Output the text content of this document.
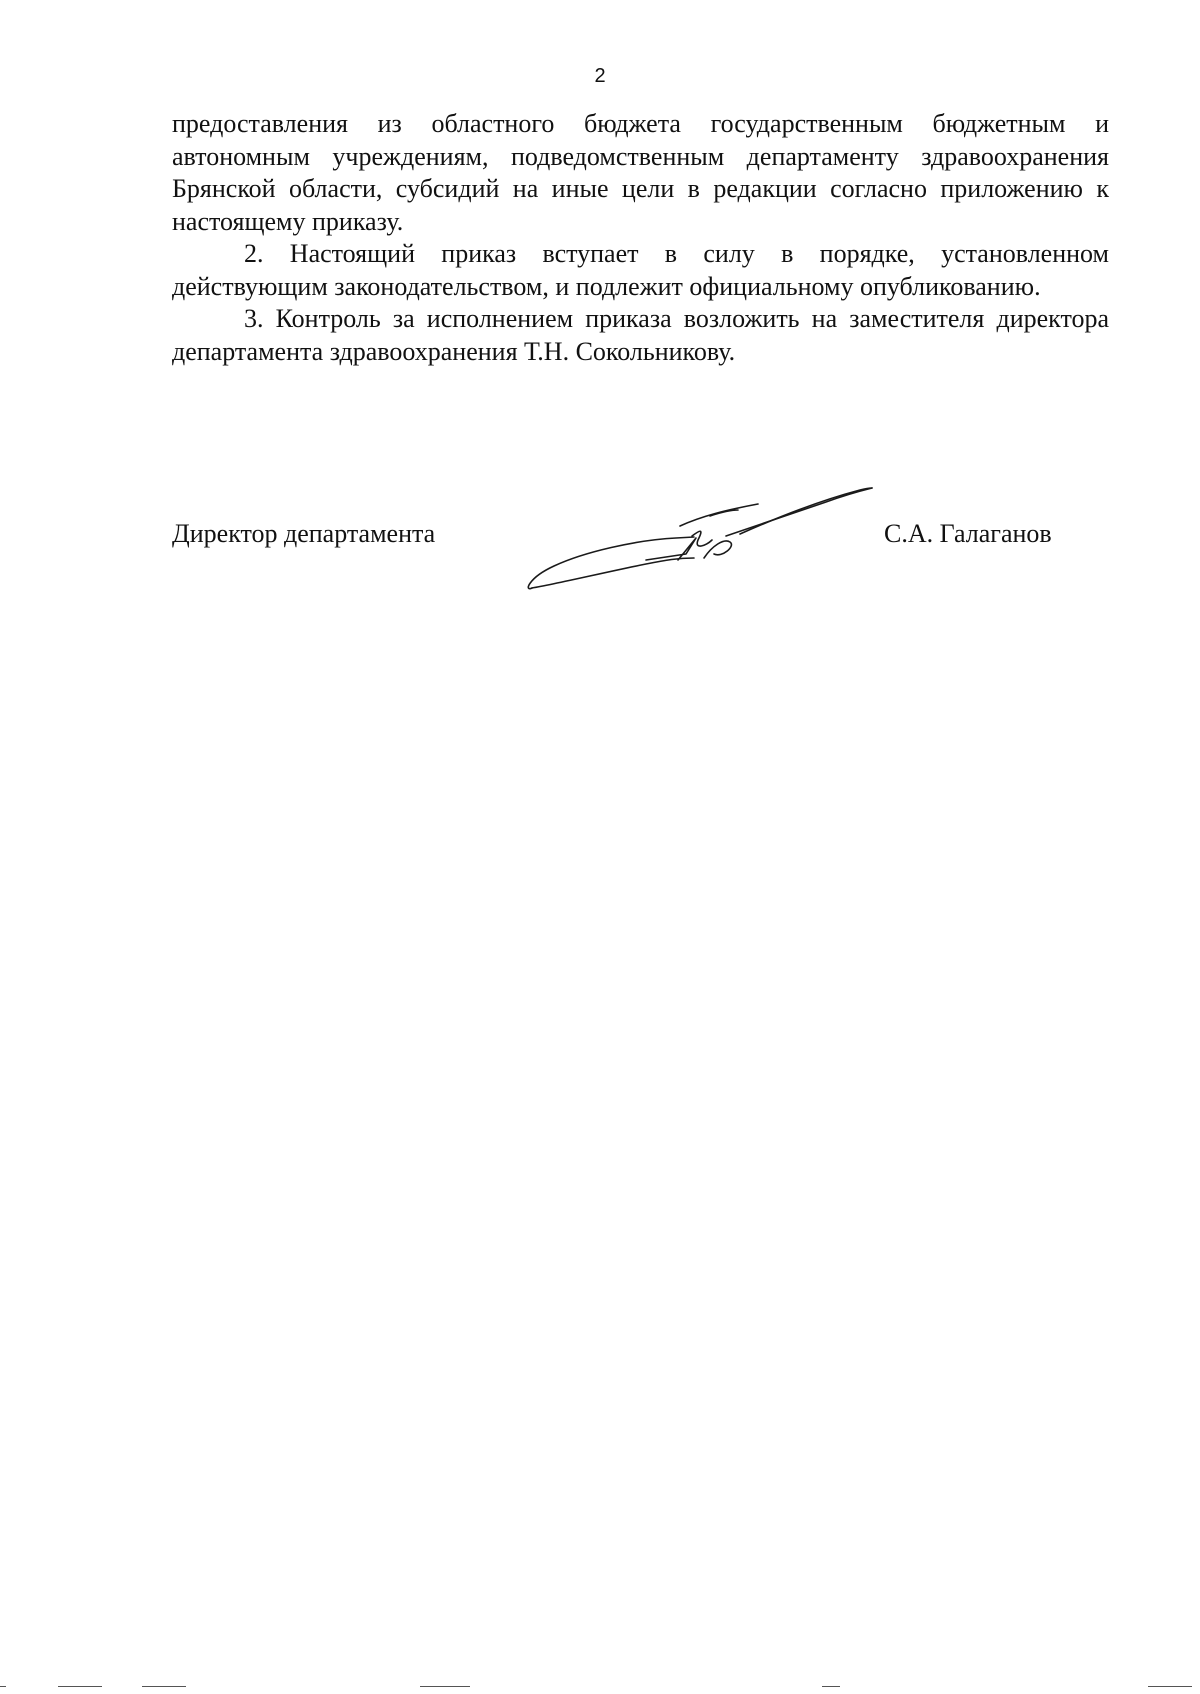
2

предоставления из областного бюджета государственным бюджетным и автономным учреждениям, подведомственным департаменту здравоохранения Брянской области, субсидий на иные цели в редакции согласно приложению к настоящему приказу.

2. Настоящий приказ вступает в силу в порядке, установленном действующим законодательством, и подлежит официальному опубликованию.

3. Контроль за исполнением приказа возложить на заместителя директора департамента здравоохранения Т.Н. Сокольникову.

Директор департамента	С.А. Галаганов
